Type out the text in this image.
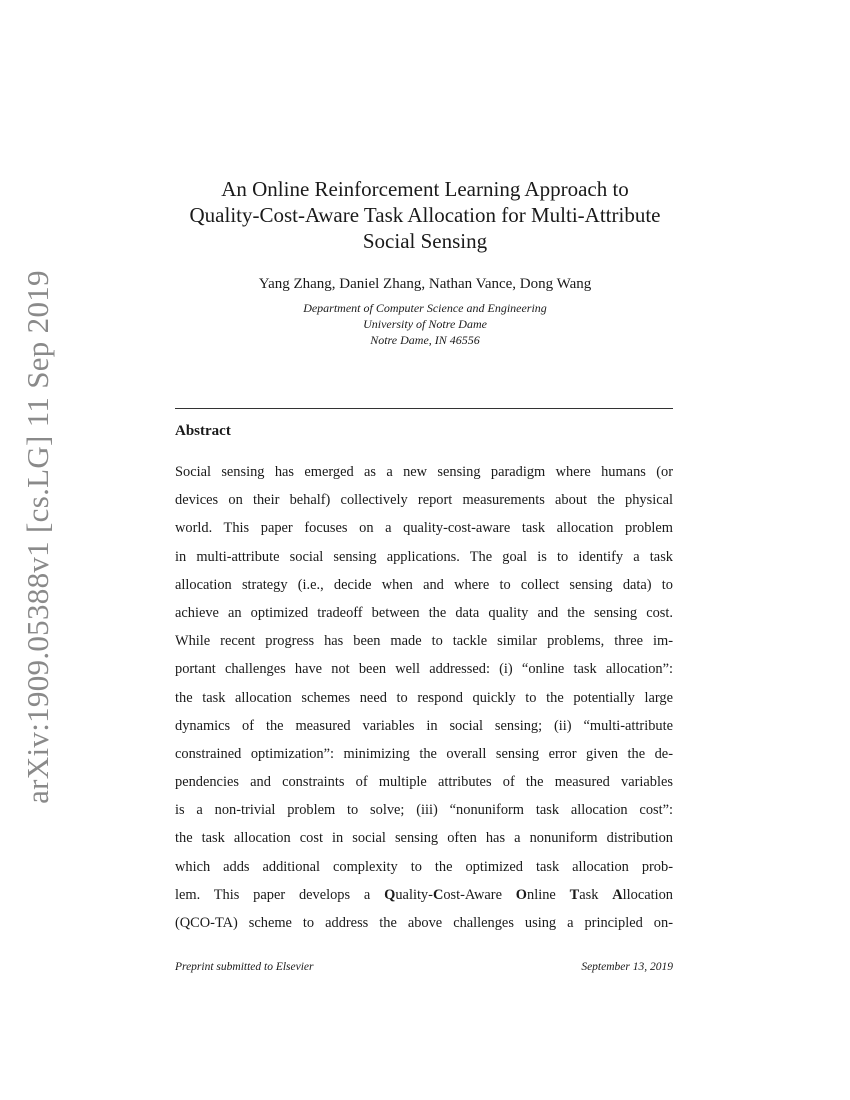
arXiv:1909.05388v1 [cs.LG] 11 Sep 2019
An Online Reinforcement Learning Approach to
Quality-Cost-Aware Task Allocation for Multi-Attribute
Social Sensing
Yang Zhang, Daniel Zhang, Nathan Vance, Dong Wang
Department of Computer Science and Engineering
University of Notre Dame
Notre Dame, IN 46556
Abstract
Social sensing has emerged as a new sensing paradigm where humans (or
devices on their behalf) collectively report measurements about the physical
world. This paper focuses on a quality-cost-aware task allocation problem
in multi-attribute social sensing applications. The goal is to identify a task
allocation strategy (i.e., decide when and where to collect sensing data) to
achieve an optimized tradeoff between the data quality and the sensing cost.
While recent progress has been made to tackle similar problems, three im-
portant challenges have not been well addressed: (i) “online task allocation”:
the task allocation schemes need to respond quickly to the potentially large
dynamics of the measured variables in social sensing; (ii) “multi-attribute
constrained optimization”: minimizing the overall sensing error given the de-
pendencies and constraints of multiple attributes of the measured variables
is a non-trivial problem to solve; (iii) “nonuniform task allocation cost”:
the task allocation cost in social sensing often has a nonuniform distribution
which adds additional complexity to the optimized task allocation prob-
lem. This paper develops a Quality-Cost-Aware Online Task Allocation
(QCO-TA) scheme to address the above challenges using a principled on-
Preprint submitted to Elsevier	September 13, 2019
